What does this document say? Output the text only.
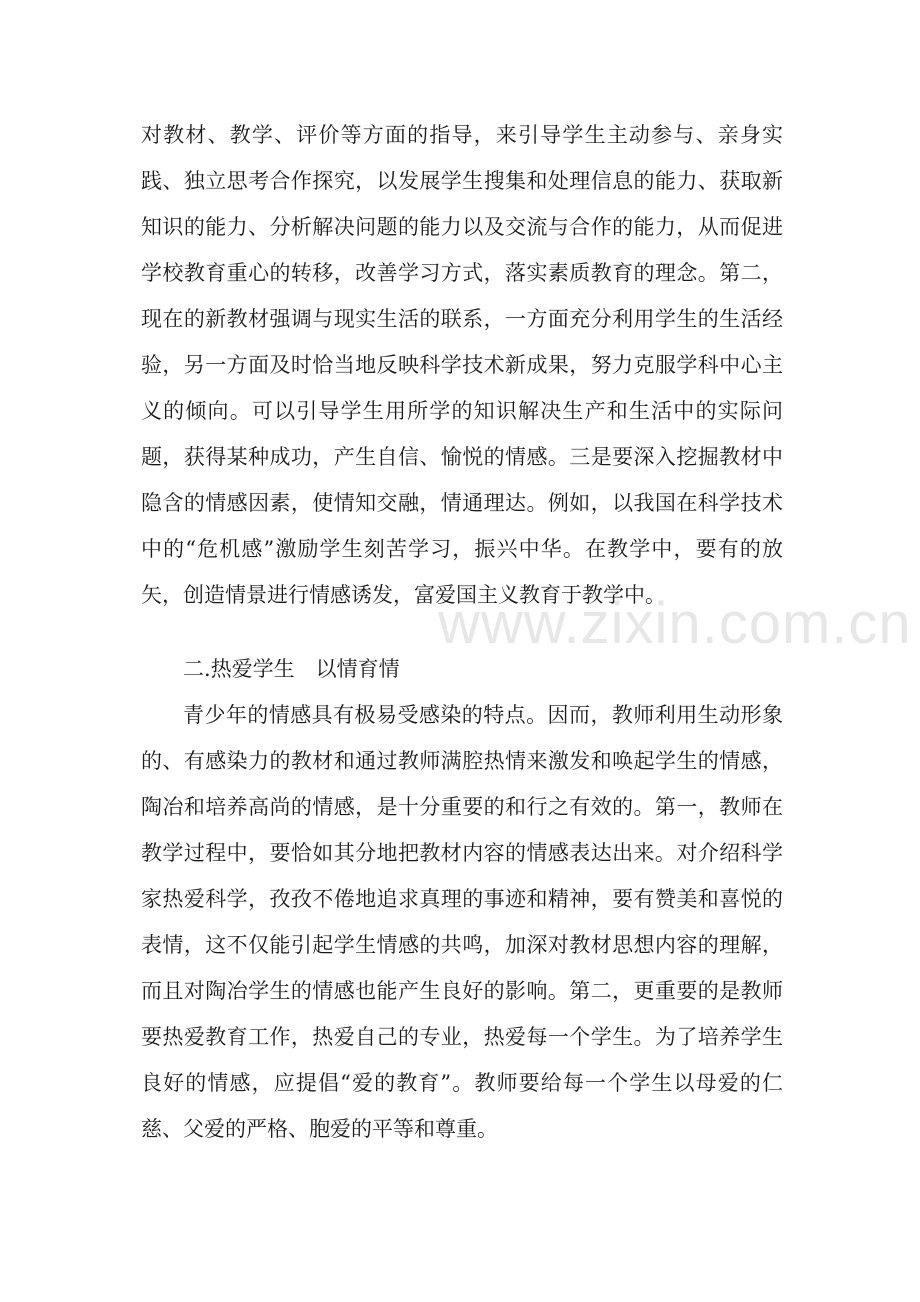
对教材、教学、评价等方面的指导，来引导学生主动参与、亲身实践、独立思考合作探究，以发展学生搜集和处理信息的能力、获取新知识的能力、分析解决问题的能力以及交流与合作的能力，从而促进学校教育重心的转移，改善学习方式，落实素质教育的理念。第二，现在的新教材强调与现实生活的联系，一方面充分利用学生的生活经验，另一方面及时恰当地反映科学技术新成果，努力克服学科中心主义的倾向。可以引导学生用所学的知识解决生产和生活中的实际问题，获得某种成功，产生自信、愉悦的情感。三是要深入挖掘教材中隐含的情感因素，使情知交融，情通理达。例如，以我国在科学技术中的“危机感”激励学生刻苦学习，振兴中华。在教学中，要有的放矢，创造情景进行情感诱发，富爱国主义教育于教学中。
二.热爱学生　以情育情
青少年的情感具有极易受感染的特点。因而，教师利用生动形象的、有感染力的教材和通过教师满腔热情来激发和唤起学生的情感，陶冶和培养高尚的情感，是十分重要的和行之有效的。第一，教师在教学过程中，要恰如其分地把教材内容的情感表达出来。对介绍科学家热爱科学，孜孜不倦地追求真理的事迹和精神，要有赞美和喜悦的表情，这不仅能引起学生情感的共鸣，加深对教材思想内容的理解，而且对陶冶学生的情感也能产生良好的影响。第二，更重要的是教师要热爱教育工作，热爱自己的专业，热爱每一个学生。为了培养学生良好的情感，应提倡“爱的教育”。教师要给每一个学生以母爱的仁慈、父爱的严格、胞爱的平等和尊重。
www.zixin.com.cn
